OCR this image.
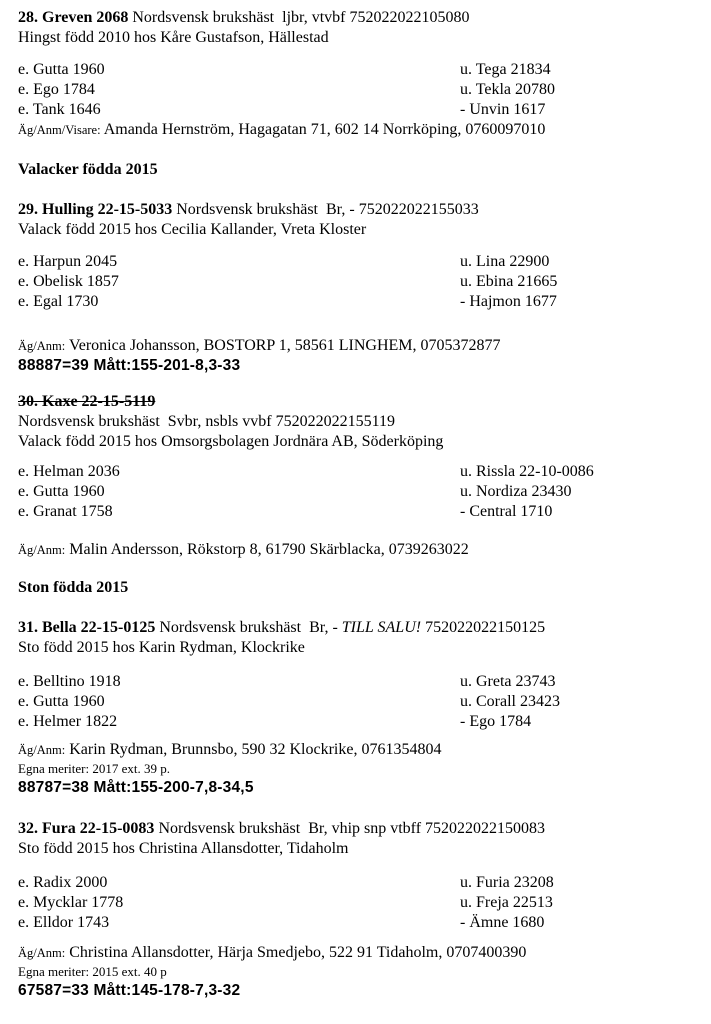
28. Greven 2068 Nordsvensk brukshäst  ljbr, vtvbf 752022022105080
Hingst född 2010 hos Kåre Gustafson, Hällestad
e. Gutta 1960	u. Tega 21834
e. Ego 1784	u. Tekla 20780
e. Tank 1646	- Unvin 1617
Äg/Anm/Visare: Amanda Hernström, Hagagatan 71, 602 14 Norrköping, 0760097010
Valacker födda 2015
29. Hulling 22-15-5033 Nordsvensk brukshäst  Br, - 752022022155033
Valack född 2015 hos Cecilia Kallander, Vreta Kloster
e. Harpun 2045	u. Lina 22900
e. Obelisk 1857	u. Ebina 21665
e. Egal 1730	- Hajmon 1677
Äg/Anm: Veronica Johansson, BOSTORP 1, 58561 LINGHEM, 0705372877
88887=39 Mått:155-201-8,3-33
30. Kaxe 22-15-5119
Nordsvensk brukshäst  Svbr, nsbls vvbf 752022022155119
Valack född 2015 hos Omsorgsbolagen Jordnära AB, Söderköping
e. Helman 2036	u. Rissla 22-10-0086
e. Gutta 1960	u. Nordiza 23430
e. Granat 1758	- Central 1710
Äg/Anm: Malin Andersson, Rökstorp 8, 61790 Skärblacka, 0739263022
Ston födda 2015
31. Bella 22-15-0125 Nordsvensk brukshäst  Br, - TILL SALU! 752022022150125
Sto född 2015 hos Karin Rydman, Klockrike
e. Belltino 1918	u. Greta 23743
e. Gutta 1960	u. Corall 23423
e. Helmer 1822	- Ego 1784
Äg/Anm: Karin Rydman, Brunnsbo, 590 32 Klockrike, 0761354804
Egna meriter: 2017 ext. 39 p.
88787=38 Mått:155-200-7,8-34,5
32. Fura 22-15-0083 Nordsvensk brukshäst  Br, vhip snp vtbff 752022022150083
Sto född 2015 hos Christina Allansdotter, Tidaholm
e. Radix 2000	u. Furia 23208
e. Mycklar 1778	u. Freja 22513
e. Elldor 1743	- Ämne 1680
Äg/Anm: Christina Allansdotter, Härja Smedjebo, 522 91 Tidaholm, 0707400390
Egna meriter: 2015 ext. 40 p
67587=33 Mått:145-178-7,3-32
